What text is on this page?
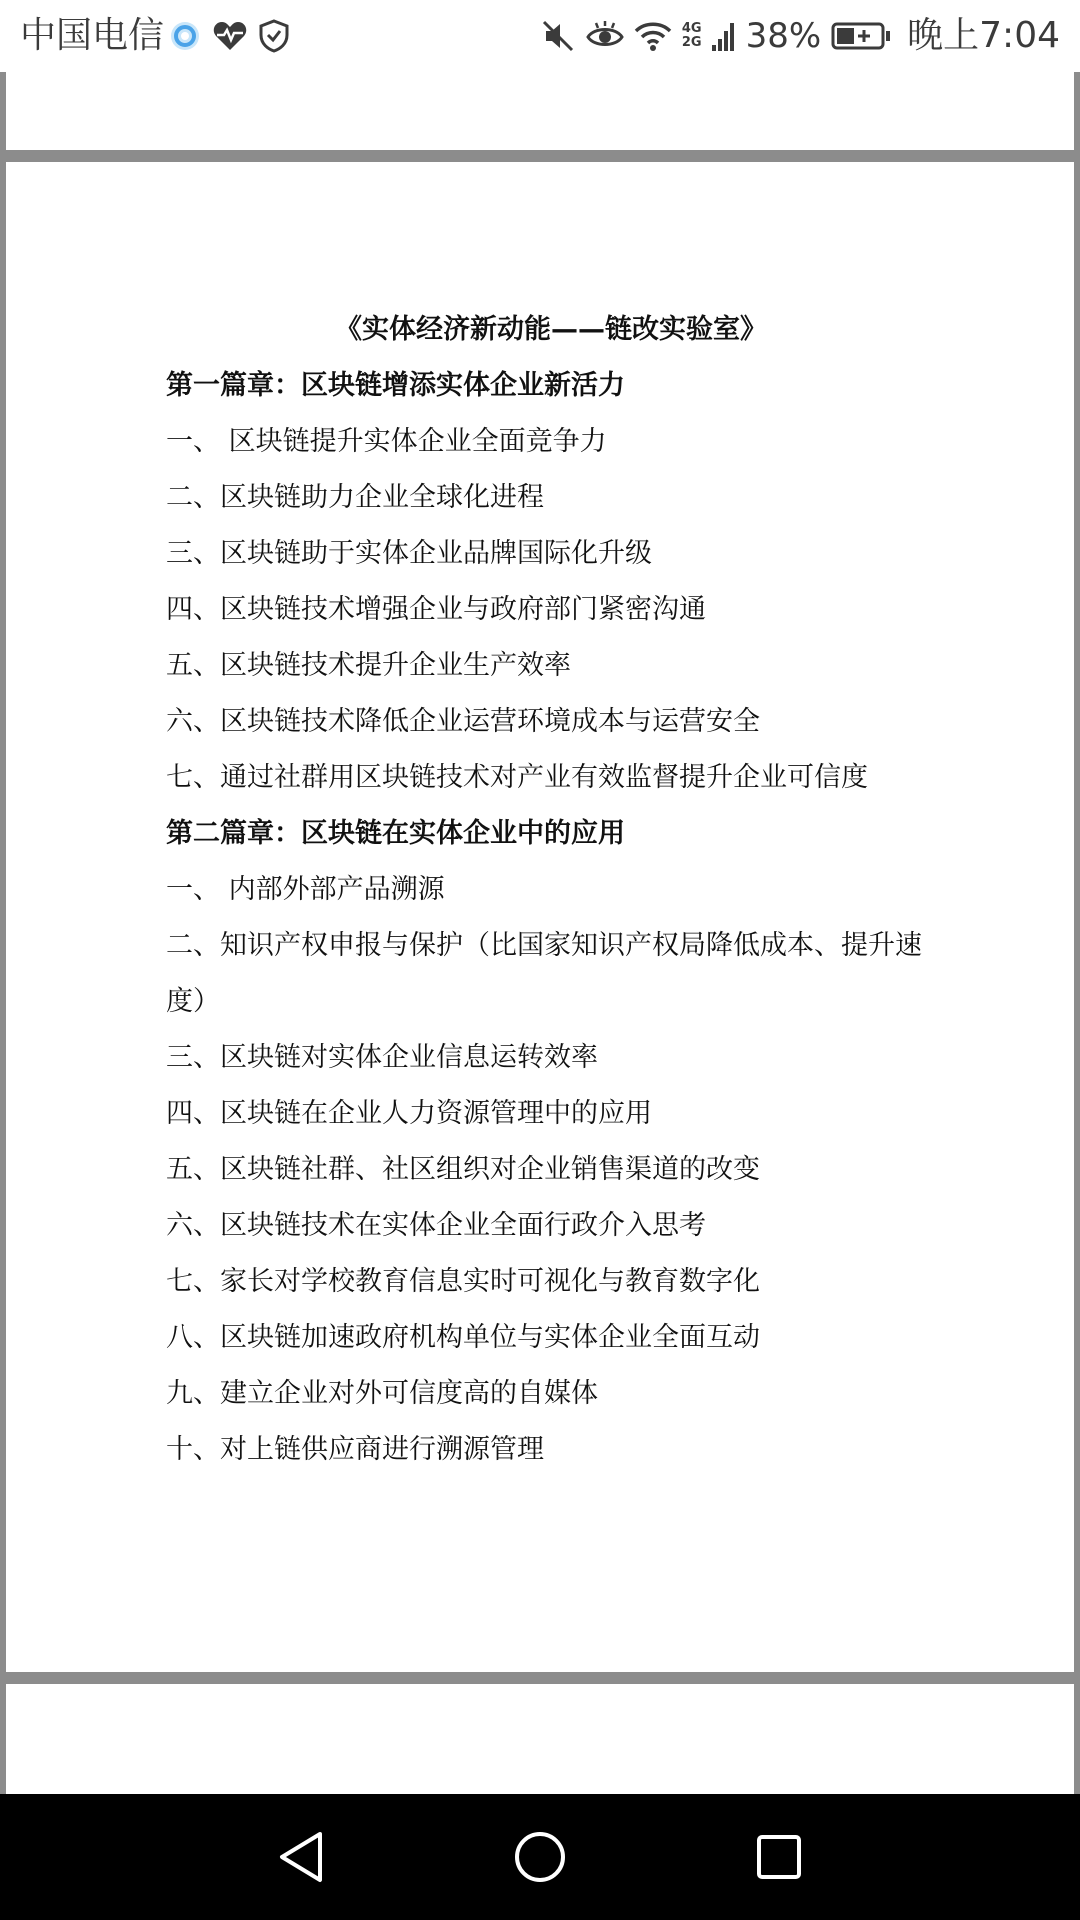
中国电信	4G
2G 38% 晚上7:04
《实体经济新动能——链改实验室》
第一篇章：区块链增添实体企业新活力
一、 区块链提升实体企业全面竞争力
二、区块链助力企业全球化进程
三、区块链助于实体企业品牌国际化升级
四、区块链技术增强企业与政府部门紧密沟通
五、区块链技术提升企业生产效率
六、区块链技术降低企业运营环境成本与运营安全
七、通过社群用区块链技术对产业有效监督提升企业可信度
第二篇章：区块链在实体企业中的应用
一、 内部外部产品溯源
二、知识产权申报与保护（比国家知识产权局降低成本、提升速度）
三、区块链对实体企业信息运转效率
四、区块链在企业人力资源管理中的应用
五、区块链社群、社区组织对企业销售渠道的改变
六、区块链技术在实体企业全面行政介入思考
七、家长对学校教育信息实时可视化与教育数字化
八、区块链加速政府机构单位与实体企业全面互动
九、建立企业对外可信度高的自媒体
十、对上链供应商进行溯源管理
